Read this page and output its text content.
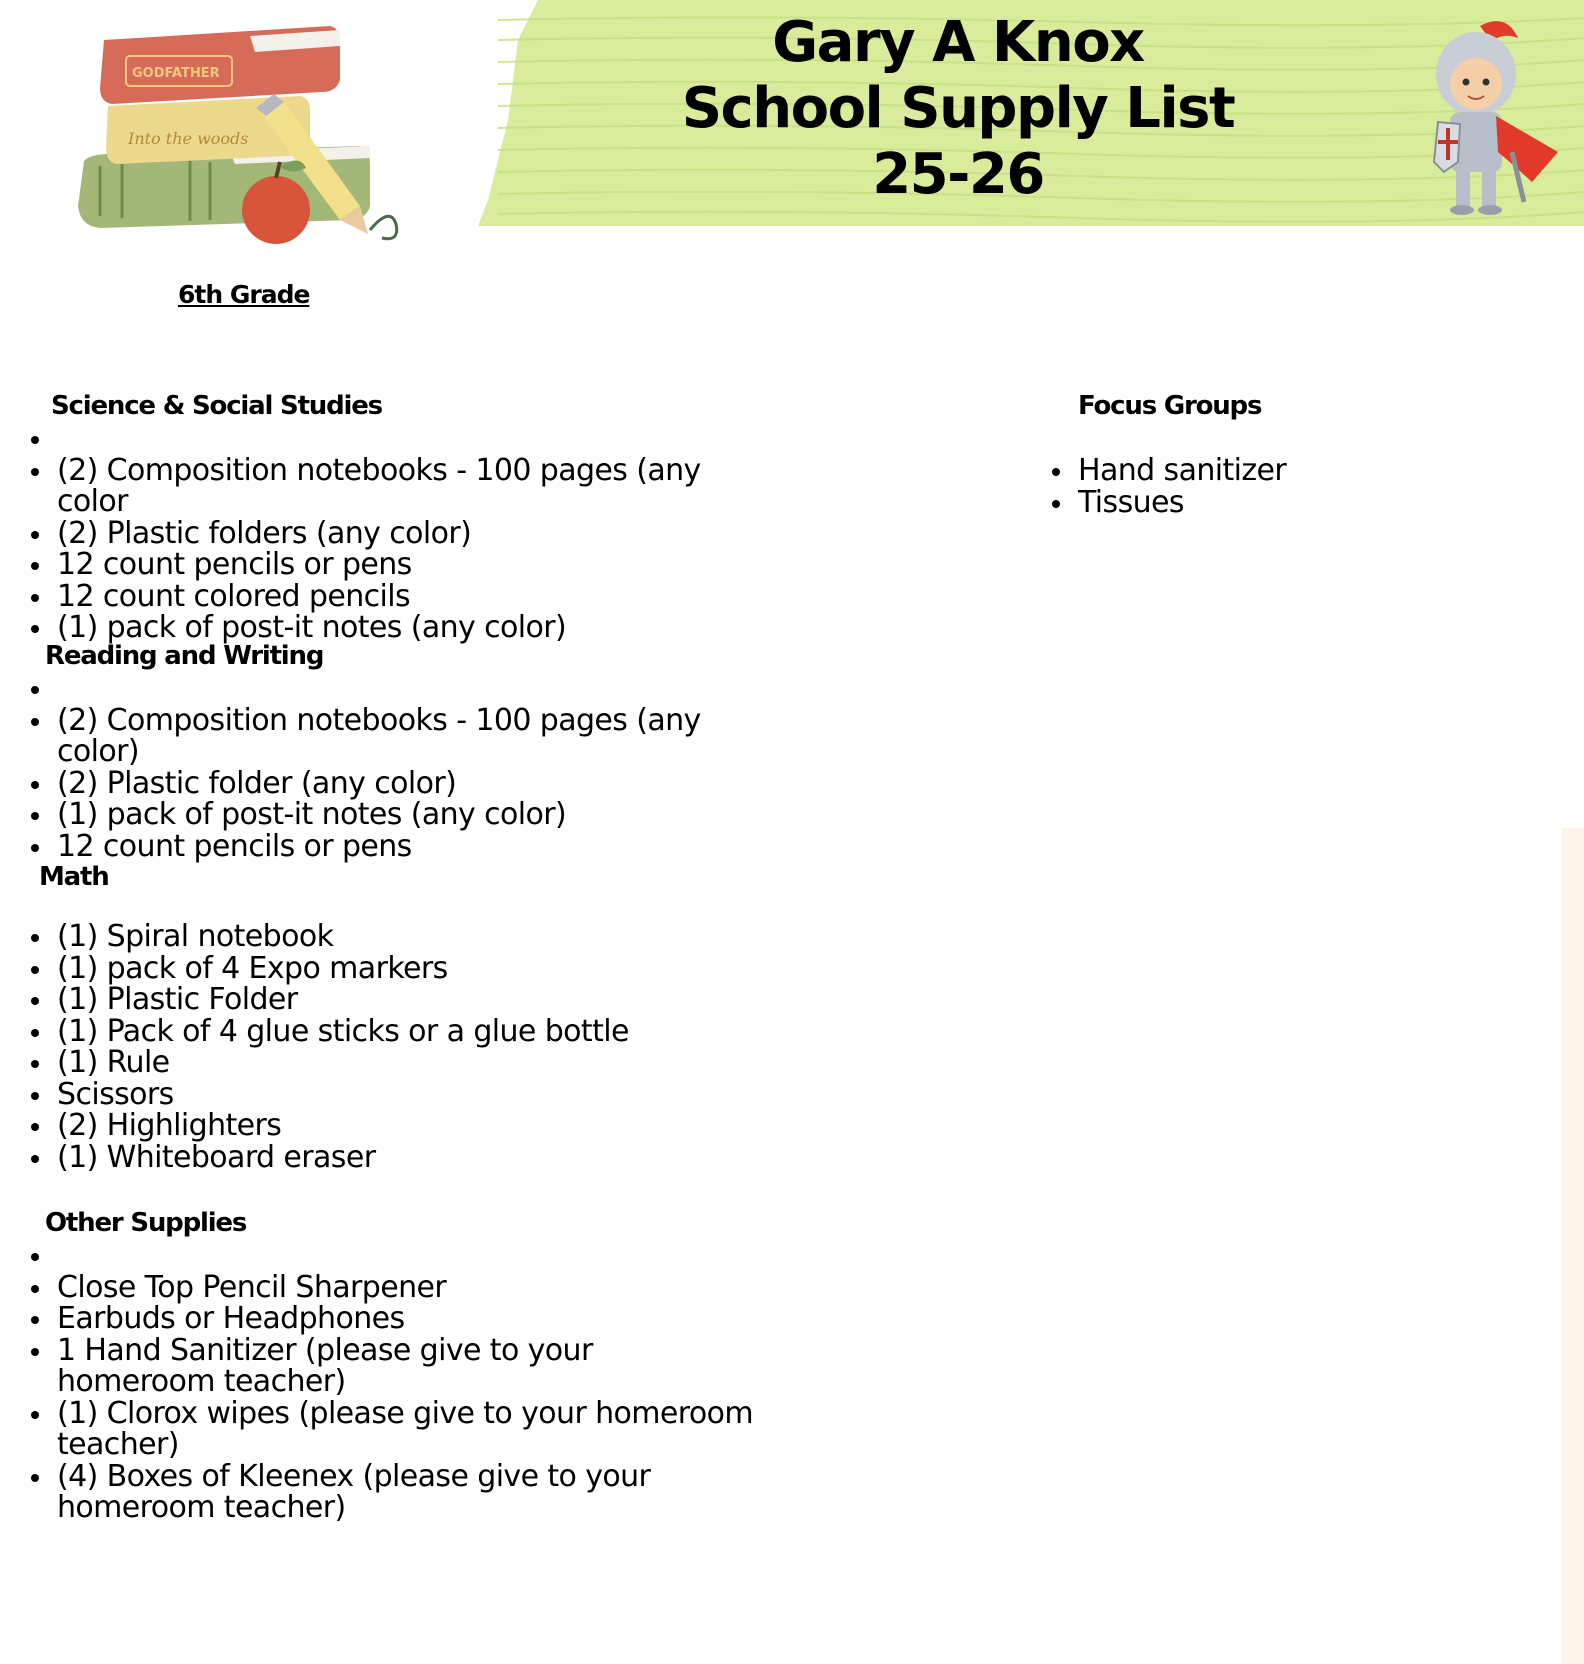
Gary A Knox
School Supply List
25-26
Into the woods
GODFATHER
6th Grade
Science & Social Studies
(2) Composition notebooks - 100 pages (any color
(2) Plastic folders (any color)
12 count pencils or pens
12 count colored pencils
(1) pack of post-it notes (any color)
Reading and Writing
(2) Composition notebooks - 100 pages (any color)
(2) Plastic folder (any color)
(1) pack of post-it notes (any color)
12 count pencils or pens
Math
(1) Spiral notebook
(1) pack of 4 Expo markers
(1) Plastic Folder
(1) Pack of 4 glue sticks or a glue bottle
(1) Rule
Scissors
(2) Highlighters
(1) Whiteboard eraser
Other Supplies
Close Top Pencil Sharpener
Earbuds or Headphones
1 Hand Sanitizer (please give to your homeroom teacher)
(1) Clorox wipes (please give to your homeroom teacher)
(4) Boxes of Kleenex (please give to your homeroom teacher)
Focus Groups
Hand sanitizer
Tissues
